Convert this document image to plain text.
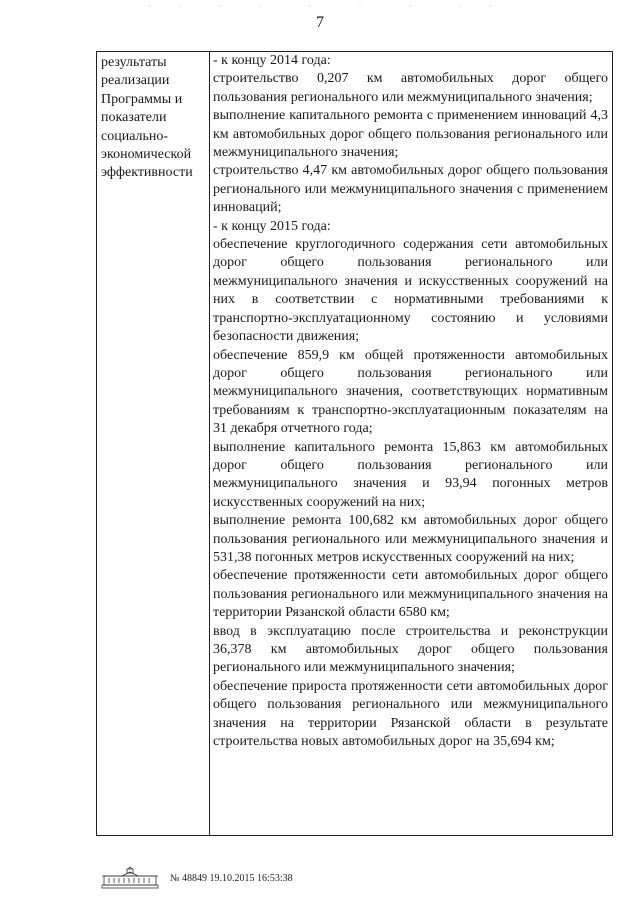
7
результаты
реализации
Программы и
показатели
социально-
экономической
эффективности
- к концу 2014 года:
строительство 0,207 км автомобильных дорог общего пользования регионального или межмуниципального значения;
выполнение капитального ремонта с применением инноваций 4,3 км автомобильных дорог общего пользования регионального или межмуниципального значения;
строительство 4,47 км автомобильных дорог общего пользования регионального или межмуниципального значения с применением инноваций;
- к концу 2015 года:
обеспечение круглогодичного содержания сети автомобильных дорог общего пользования регионального или межмуниципального значения и искусственных сооружений на них в соответствии с нормативными требованиями к транспортно-эксплуатационному состоянию и условиями безопасности движения;
обеспечение 859,9 км общей протяженности автомобильных дорог общего пользования регионального или межмуниципального значения, соответствующих нормативным требованиям к транспортно-эксплуатационным показателям на 31 декабря отчетного года;
выполнение капитального ремонта 15,863 км автомобильных дорог общего пользования регионального или межмуниципального значения и 93,94 погонных метров искусственных сооружений на них;
выполнение ремонта 100,682 км автомобильных дорог общего пользования регионального или межмуниципального значения и 531,38 погонных метров искусственных сооружений на них;
обеспечение протяженности сети автомобильных дорог общего пользования регионального или межмуниципального значения на территории Рязанской области 6580 км;
ввод в эксплуатацию после строительства и реконструкции 36,378 км автомобильных дорог общего пользования регионального или межмуниципального значения;
обеспечение прироста протяженности сети автомобильных дорог общего пользования регионального или межмуниципального значения на территории Рязанской области в результате строительства новых автомобильных дорог на 35,694 км;
№ 48849 19.10.2015 16:53:38
